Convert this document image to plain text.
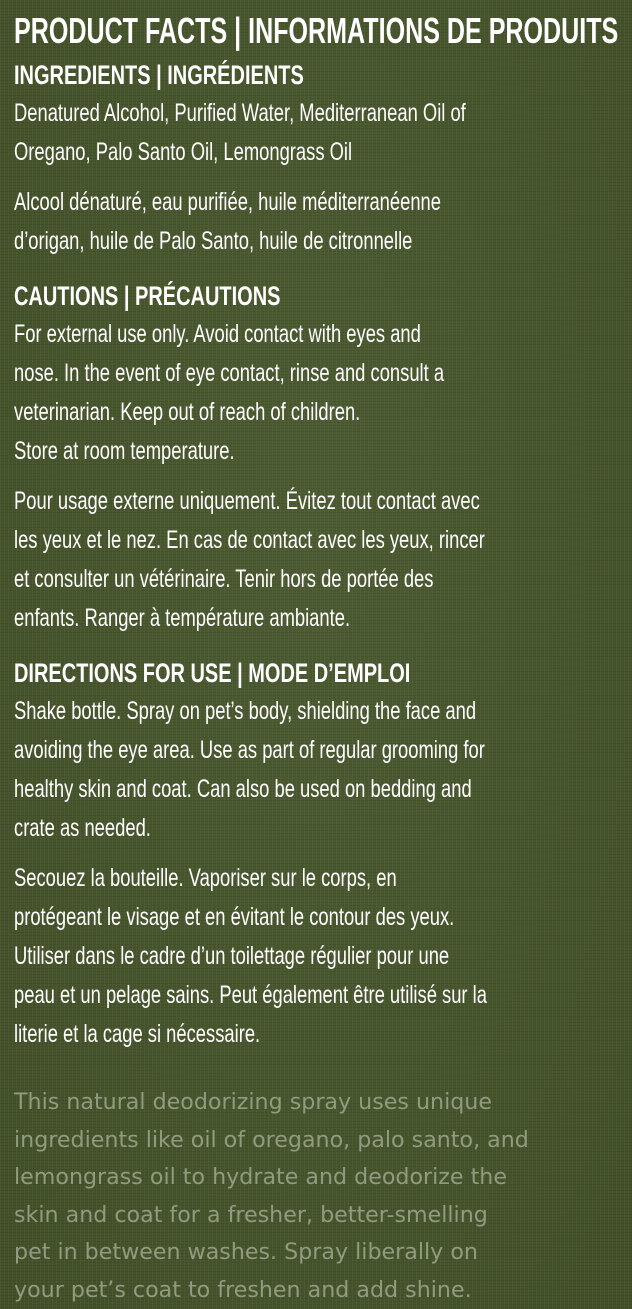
PRODUCT FACTS | INFORMATIONS DE PRODUITS
INGREDIENTS | INGRÉDIENTS

Denatured Alcohol, Purified Water, Mediterranean Oil of
Oregano, Palo Santo Oil, Lemongrass Oil

Alcool dénaturé, eau purifiée, huile méditerranéenne
d’origan, huile de Palo Santo, huile de citronnelle

CAUTIONS | PRÉCAUTIONS

For external use only. Avoid contact with eyes and
nose. In the event of eye contact, rinse and consult a
veterinarian. Keep out of reach of children.
Store at room temperature.

Pour usage externe uniquement. Évitez tout contact avec
les yeux et le nez. En cas de contact avec les yeux, rincer
et consulter un vétérinaire. Tenir hors de portée des
enfants. Ranger à température ambiante.

DIRECTIONS FOR USE | MODE D’EMPLOI

Shake bottle. Spray on pet’s body, shielding the face and
avoiding the eye area. Use as part of regular grooming for
healthy skin and coat. Can also be used on bedding and
crate as needed.

Secouez la bouteille. Vaporiser sur le corps, en
protégeant le visage et en évitant le contour des yeux.
Utiliser dans le cadre d’un toilettage régulier pour une
peau et un pelage sains. Peut également être utilisé sur la
literie et la cage si nécessaire.

This natural deodorizing spray uses unique
ingredients like oil of oregano, palo santo, and
lemongrass oil to hydrate and deodorize the
skin and coat for a fresher, better-smelling
pet in between washes. Spray liberally on
your pet’s coat to freshen and add shine.
